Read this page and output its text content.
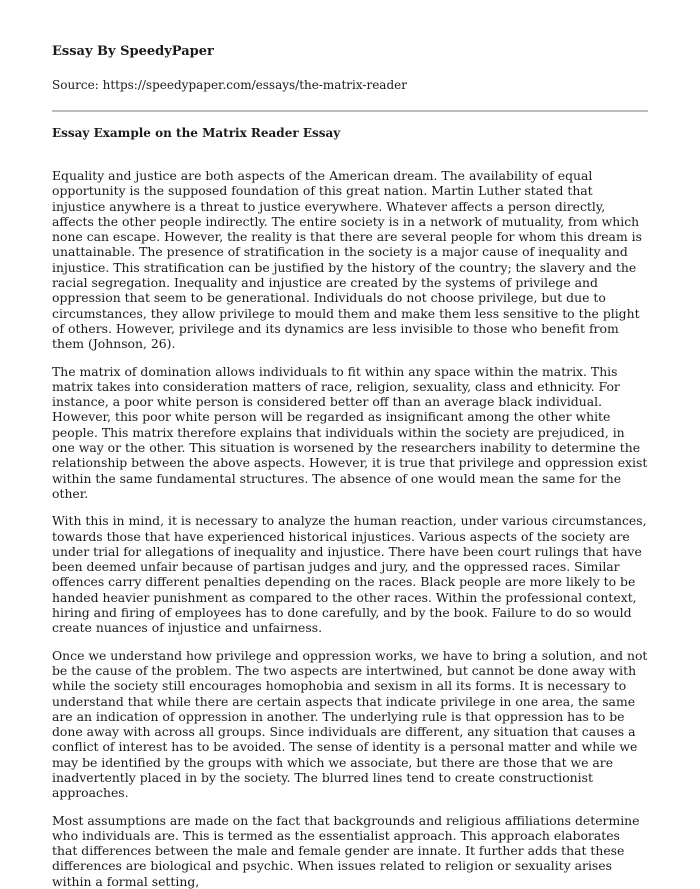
Essay By SpeedyPaper
Source: https://speedypaper.com/essays/the-matrix-reader
Essay Example on the Matrix Reader Essay

Equality and justice are both aspects of the American dream. The availability of equal opportunity is the supposed foundation of this great nation. Martin Luther stated that injustice anywhere is a threat to justice everywhere. Whatever affects a person directly, affects the other people indirectly. The entire society is in a network of mutuality, from which none can escape. However, the reality is that there are several people for whom this dream is unattainable. The presence of stratification in the society is a major cause of inequality and injustice. This stratification can be justified by the history of the country; the slavery and the racial segregation. Inequality and injustice are created by the systems of privilege and oppression that seem to be generational. Individuals do not choose privilege, but due to circumstances, they allow privilege to mould them and make them less sensitive to the plight of others. However, privilege and its dynamics are less invisible to those who benefit from them (Johnson, 26).

The matrix of domination allows individuals to fit within any space within the matrix. This matrix takes into consideration matters of race, religion, sexuality, class and ethnicity. For instance, a poor white person is considered better off than an average black individual. However, this poor white person will be regarded as insignificant among the other white people. This matrix therefore explains that individuals within the society are prejudiced, in one way or the other. This situation is worsened by the researchers inability to determine the relationship between the above aspects. However, it is true that privilege and oppression exist within the same fundamental structures. The absence of one would mean the same for the other.

With this in mind, it is necessary to analyze the human reaction, under various circumstances, towards those that have experienced historical injustices. Various aspects of the society are under trial for allegations of inequality and injustice. There have been court rulings that have been deemed unfair because of partisan judges and jury, and the oppressed races. Similar offences carry different penalties depending on the races. Black people are more likely to be handed heavier punishment as compared to the other races. Within the professional context, hiring and firing of employees has to done carefully, and by the book. Failure to do so would create nuances of injustice and unfairness.

Once we understand how privilege and oppression works, we have to bring a solution, and not be the cause of the problem. The two aspects are intertwined, but cannot be done away with while the society still encourages homophobia and sexism in all its forms. It is necessary to understand that while there are certain aspects that indicate privilege in one area, the same are an indication of oppression in another. The underlying rule is that oppression has to be done away with across all groups. Since individuals are different, any situation that causes a conflict of interest has to be avoided. The sense of identity is a personal matter and while we may be identified by the groups with which we associate, but there are those that we are inadvertently placed in by the society. The blurred lines tend to create constructionist approaches.

Most assumptions are made on the fact that backgrounds and religious affiliations determine who individuals are. This is termed as the essentialist approach. This approach elaborates that differences between the male and female gender are innate. It further adds that these differences are biological and psychic. When issues related to religion or sexuality arises within a formal setting,
